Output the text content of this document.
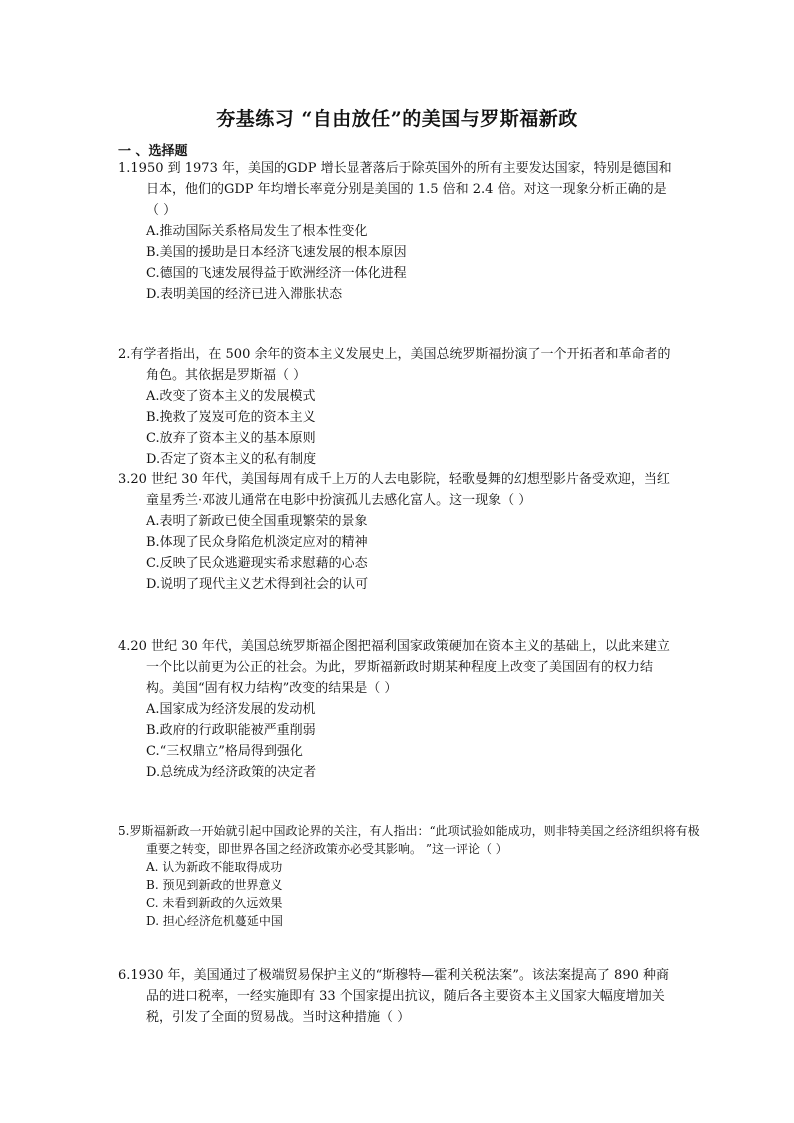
夯基练习 “自由放任”的美国与罗斯福新政
一 、选择题

1.1950 到 1973 年，美国的GDP 增长显著落后于除英国外的所有主要发达国家，特别是德国和日本，他们的GDP 年均增长率竟分别是美国的 1.5 倍和 2.4 倍。对这一现象分析正确的是（ ）

A.推动国际关系格局发生了根本性变化

B.美国的援助是日本经济飞速发展的根本原因

C.德国的飞速发展得益于欧洲经济一体化进程

D.表明美国的经济已进入滞胀状态

2.有学者指出，在 500 余年的资本主义发展史上，美国总统罗斯福扮演了一个开拓者和革命者的角色。其依据是罗斯福（ ）

A.改变了资本主义的发展模式

B.挽救了岌岌可危的资本主义

C.放弃了资本主义的基本原则

D.否定了资本主义的私有制度

3.20 世纪 30 年代，美国每周有成千上万的人去电影院，轻歌曼舞的幻想型影片备受欢迎，当红童星秀兰·邓波儿通常在电影中扮演孤儿去感化富人。这一现象（ ）

A.表明了新政已使全国重现繁荣的景象

B.体现了民众身陷危机淡定应对的精神

C.反映了民众逃避现实希求慰藉的心态

D.说明了现代主义艺术得到社会的认可

4.20 世纪 30 年代，美国总统罗斯福企图把福利国家政策硬加在资本主义的基础上，以此来建立一个比以前更为公正的社会。为此，罗斯福新政时期某种程度上改变了美国固有的权力结构。美国“固有权力结构”改变的结果是（ ）

A.国家成为经济发展的发动机

B.政府的行政职能被严重削弱

C.“三权鼎立”格局得到强化

D.总统成为经济政策的决定者

5.罗斯福新政一开始就引起中国政论界的关注，有人指出：“此项试验如能成功，则非特美国之经济组织将有极重要之转变，即世界各国之经济政策亦必受其影响。 ”这一评论（ ）

A. 认为新政不能取得成功

B. 预见到新政的世界意义

C. 未看到新政的久远效果

D. 担心经济危机蔓延中国

6.1930 年，美国通过了极端贸易保护主义的“斯穆特—霍利关税法案”。该法案提高了 890 种商品的进口税率，一经实施即有 33 个国家提出抗议，随后各主要资本主义国家大幅度增加关税，引发了全面的贸易战。当时这种措施（ ）
